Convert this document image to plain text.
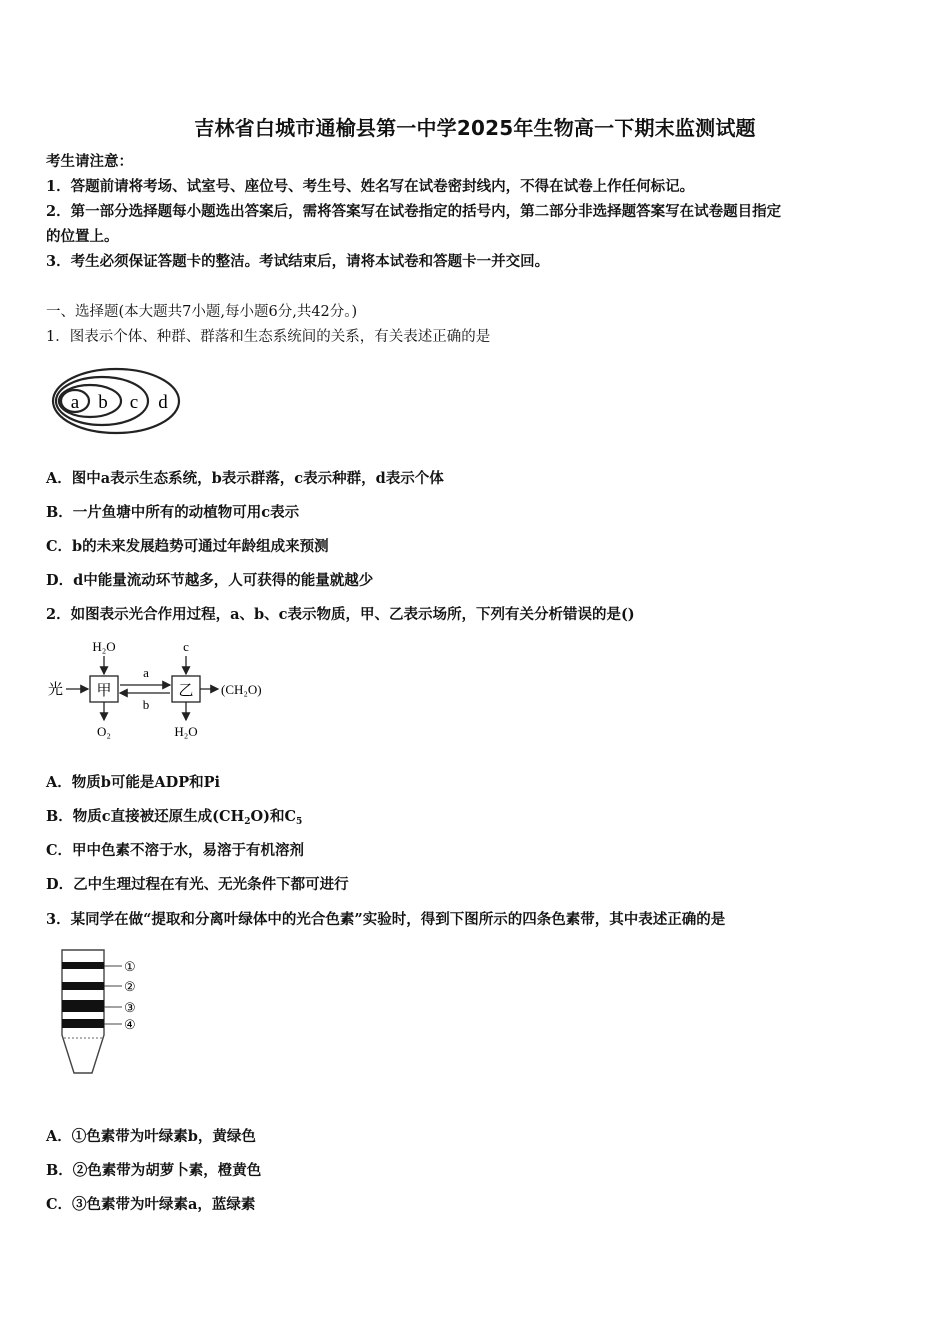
吉林省白城市通榆县第一中学2025年生物高一下期末监测试题
考生请注意：
1．答题前请将考场、试室号、座位号、考生号、姓名写在试卷密封线内，不得在试卷上作任何标记。
2．第一部分选择题每小题选出答案后，需将答案写在试卷指定的括号内，第二部分非选择题答案写在试卷题目指定
的位置上。
3．考生必须保证答题卡的整洁。考试结束后，请将本试卷和答题卡一并交回。
一、选择题(本大题共7小题,每小题6分,共42分。)
1．图表示个体、种群、群落和生态系统间的关系，有关表述正确的是
a b c d
A．图中a表示生态系统，b表示群落，c表示种群，d表示个体
B．一片鱼塘中所有的动植物可用c表示
C．b的未来发展趋势可通过年龄组成来预测
D．d中能量流动环节越多，人可获得的能量就越少
2．如图表示光合作用过程，a、b、c表示物质，甲、乙表示场所，下列有关分析错误的是()
光 甲
H₂O
O₂
a
b
乙
c
H₂O
(CH₂O)
A．物质b可能是ADP和Pi
B．物质c直接被还原生成$(CH_2O)$和$C_5$
C．甲中色素不溶于水，易溶于有机溶剂
D．乙中生理过程在有光、无光条件下都可进行
3．某同学在做“提取和分离叶绿体中的光合色素”实验时，得到下图所示的四条色素带，其中表述正确的是
①
②
③
④
A．①色素带为叶绿素b，黄绿色
B．②色素带为胡萝卜素，橙黄色
C．③色素带为叶绿素a，蓝绿素
